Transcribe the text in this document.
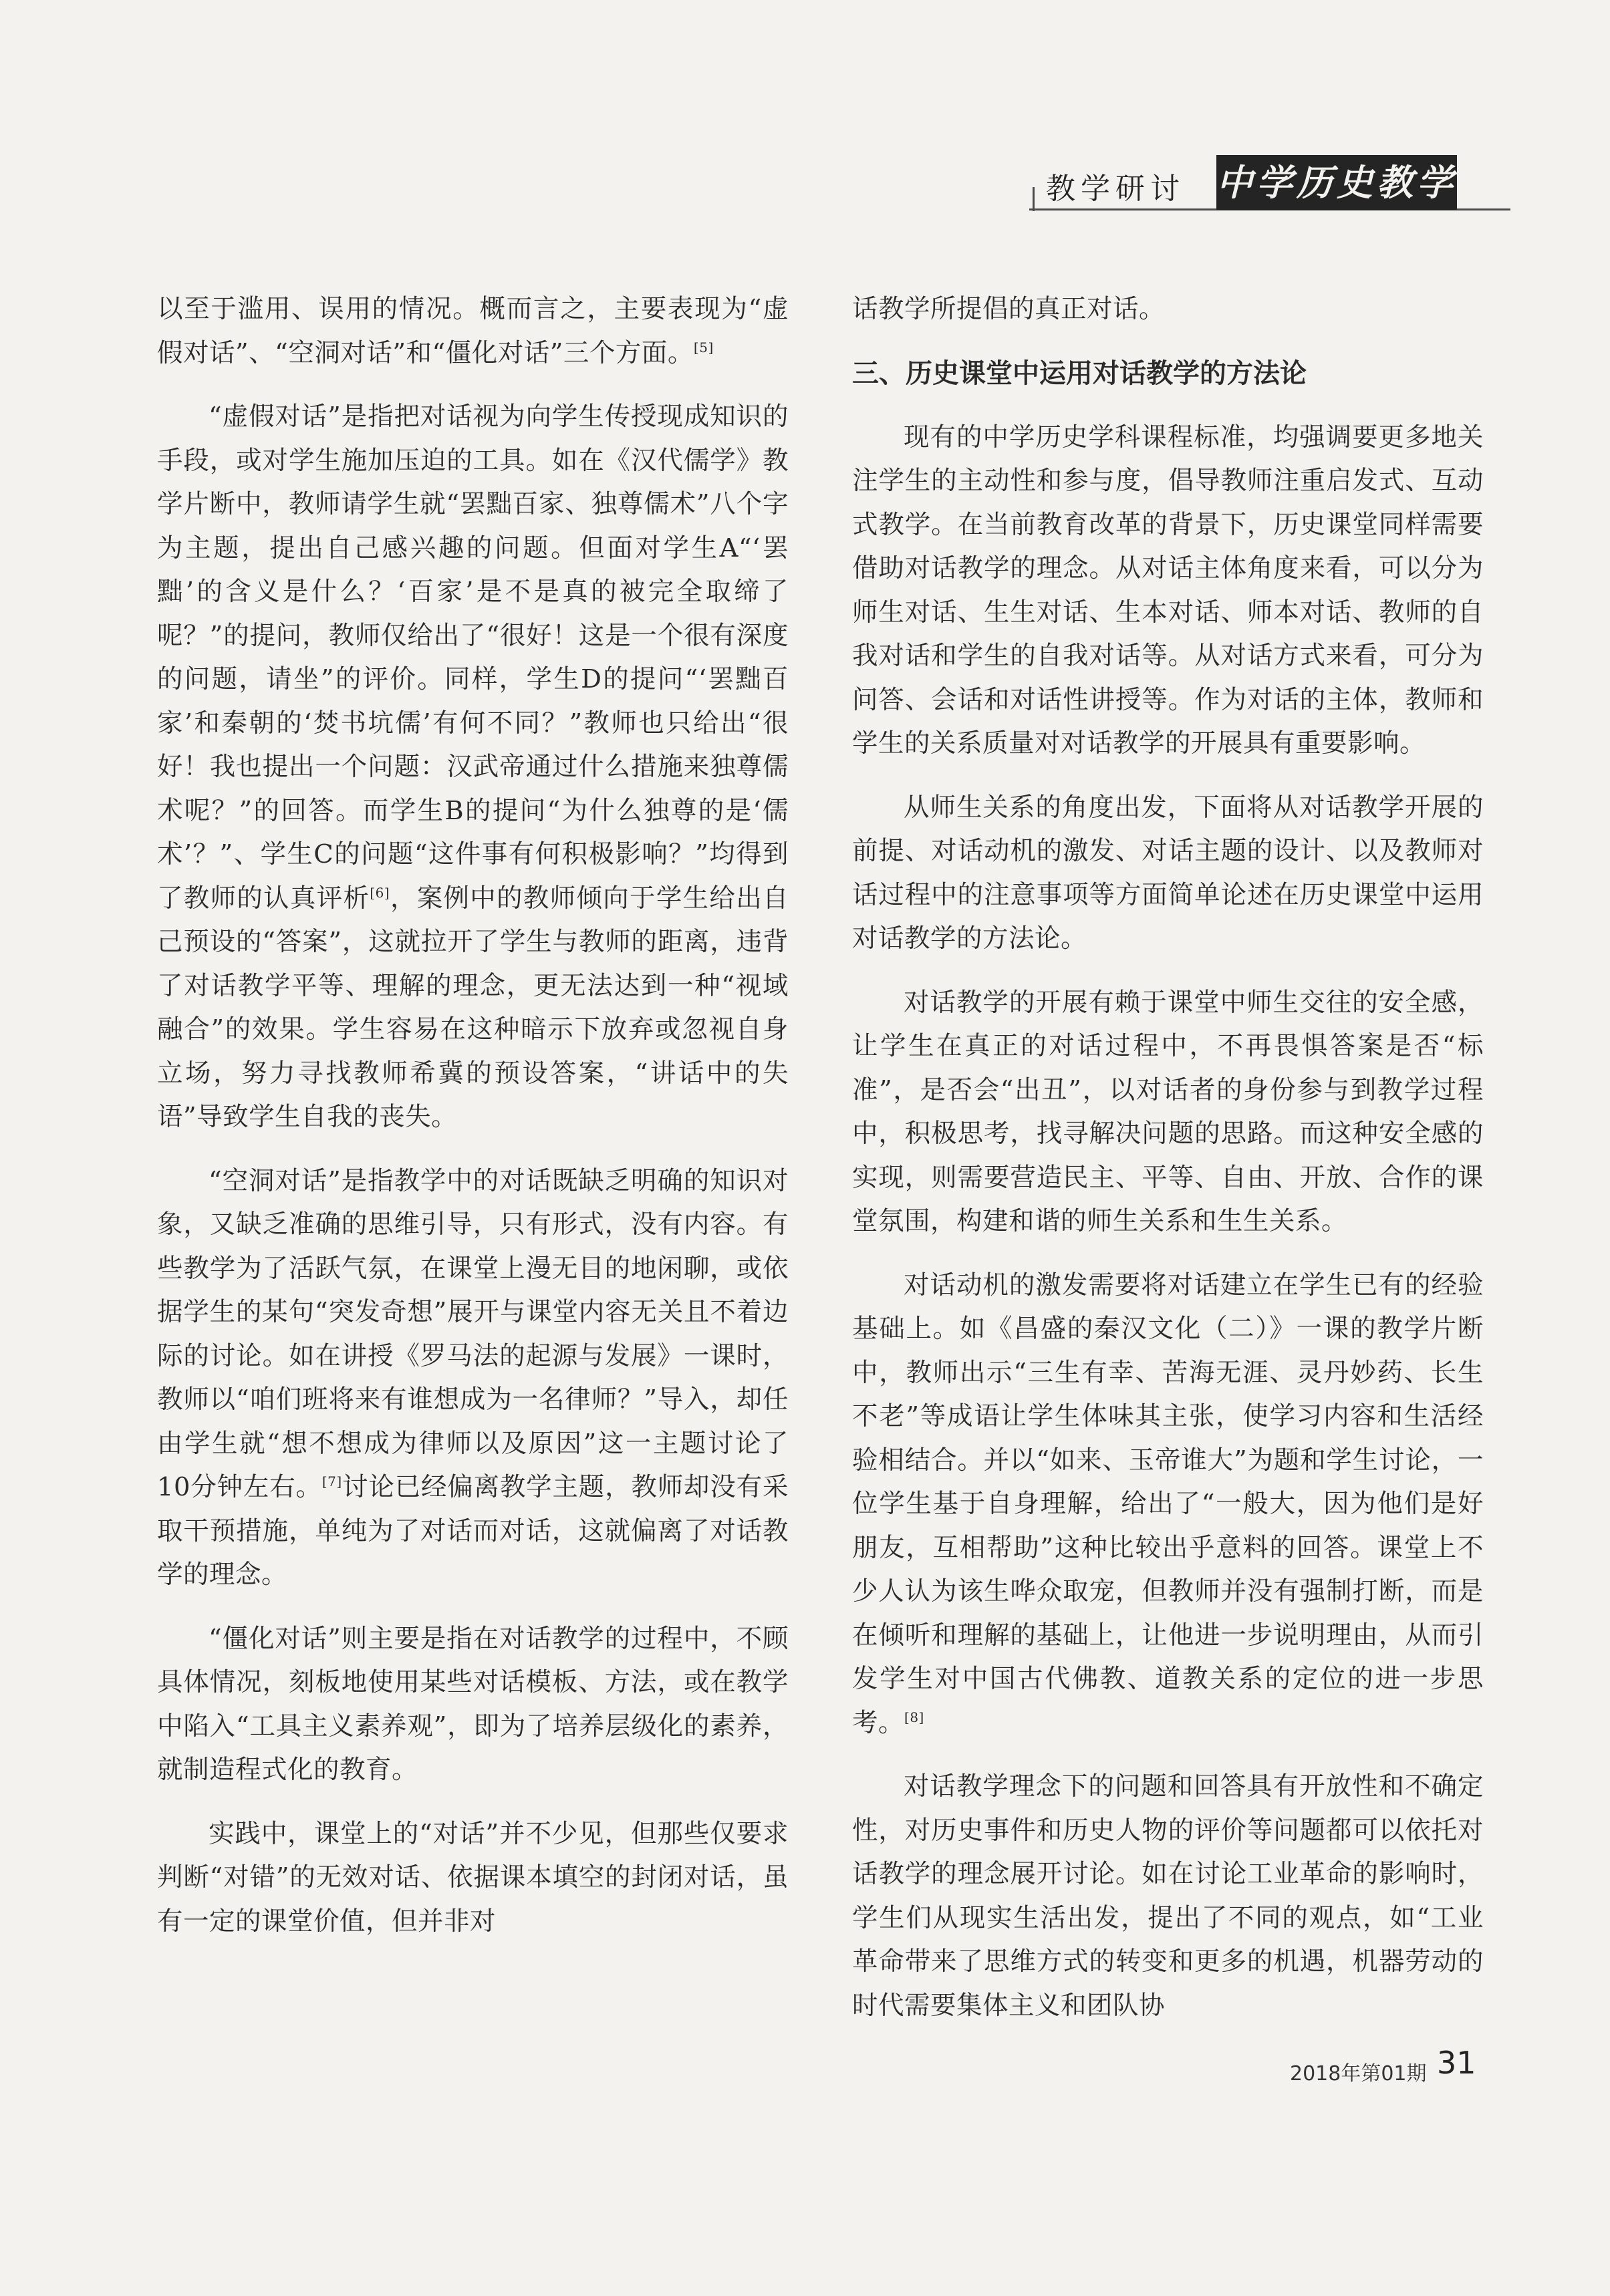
教学研讨 中学历史教学

以至于滥用、误用的情况。概而言之，主要表现为“虚假对话”、“空洞对话”和“僵化对话”三个方面。[5]

“虚假对话”是指把对话视为向学生传授现成知识的手段，或对学生施加压迫的工具。如在《汉代儒学》教学片断中，教师请学生就“罢黜百家、独尊儒术”八个字为主题，提出自己感兴趣的问题。但面对学生A“‘罢黜’的含义是什么？‘百家’是不是真的被完全取缔了呢？”的提问，教师仅给出了“很好！这是一个很有深度的问题，请坐”的评价。同样，学生D的提问“‘罢黜百家’和秦朝的‘焚书坑儒’有何不同？”教师也只给出“很好！我也提出一个问题：汉武帝通过什么措施来独尊儒术呢？”的回答。而学生B的提问“为什么独尊的是‘儒术’？”、学生C的问题“这件事有何积极影响？”均得到了教师的认真评析[6]，案例中的教师倾向于学生给出自己预设的“答案”，这就拉开了学生与教师的距离，违背了对话教学平等、理解的理念，更无法达到一种“视域融合”的效果。学生容易在这种暗示下放弃或忽视自身立场，努力寻找教师希冀的预设答案，“讲话中的失语”导致学生自我的丧失。

“空洞对话”是指教学中的对话既缺乏明确的知识对象，又缺乏准确的思维引导，只有形式，没有内容。有些教学为了活跃气氛，在课堂上漫无目的地闲聊，或依据学生的某句“突发奇想”展开与课堂内容无关且不着边际的讨论。如在讲授《罗马法的起源与发展》一课时，教师以“咱们班将来有谁想成为一名律师？”导入，却任由学生就“想不想成为律师以及原因”这一主题讨论了10分钟左右。[7]讨论已经偏离教学主题，教师却没有采取干预措施，单纯为了对话而对话，这就偏离了对话教学的理念。

“僵化对话”则主要是指在对话教学的过程中，不顾具体情况，刻板地使用某些对话模板、方法，或在教学中陷入“工具主义素养观”，即为了培养层级化的素养，就制造程式化的教育。

实践中，课堂上的“对话”并不少见，但那些仅要求判断“对错”的无效对话、依据课本填空的封闭对话，虽有一定的课堂价值，但并非对

话教学所提倡的真正对话。

三、历史课堂中运用对话教学的方法论

现有的中学历史学科课程标准，均强调要更多地关注学生的主动性和参与度，倡导教师注重启发式、互动式教学。在当前教育改革的背景下，历史课堂同样需要借助对话教学的理念。从对话主体角度来看，可以分为师生对话、生生对话、生本对话、师本对话、教师的自我对话和学生的自我对话等。从对话方式来看，可分为问答、会话和对话性讲授等。作为对话的主体，教师和学生的关系质量对对话教学的开展具有重要影响。

从师生关系的角度出发，下面将从对话教学开展的前提、对话动机的激发、对话主题的设计、以及教师对话过程中的注意事项等方面简单论述在历史课堂中运用对话教学的方法论。

对话教学的开展有赖于课堂中师生交往的安全感，让学生在真正的对话过程中，不再畏惧答案是否“标准”，是否会“出丑”，以对话者的身份参与到教学过程中，积极思考，找寻解决问题的思路。而这种安全感的实现，则需要营造民主、平等、自由、开放、合作的课堂氛围，构建和谐的师生关系和生生关系。

对话动机的激发需要将对话建立在学生已有的经验基础上。如《昌盛的秦汉文化（二）》一课的教学片断中，教师出示“三生有幸、苦海无涯、灵丹妙药、长生不老”等成语让学生体味其主张，使学习内容和生活经验相结合。并以“如来、玉帝谁大”为题和学生讨论，一位学生基于自身理解，给出了“一般大，因为他们是好朋友，互相帮助”这种比较出乎意料的回答。课堂上不少人认为该生哗众取宠，但教师并没有强制打断，而是在倾听和理解的基础上，让他进一步说明理由，从而引发学生对中国古代佛教、道教关系的定位的进一步思考。[8]

对话教学理念下的问题和回答具有开放性和不确定性，对历史事件和历史人物的评价等问题都可以依托对话教学的理念展开讨论。如在讨论工业革命的影响时，学生们从现实生活出发，提出了不同的观点，如“工业革命带来了思维方式的转变和更多的机遇，机器劳动的时代需要集体主义和团队协

2018年第01期 31
